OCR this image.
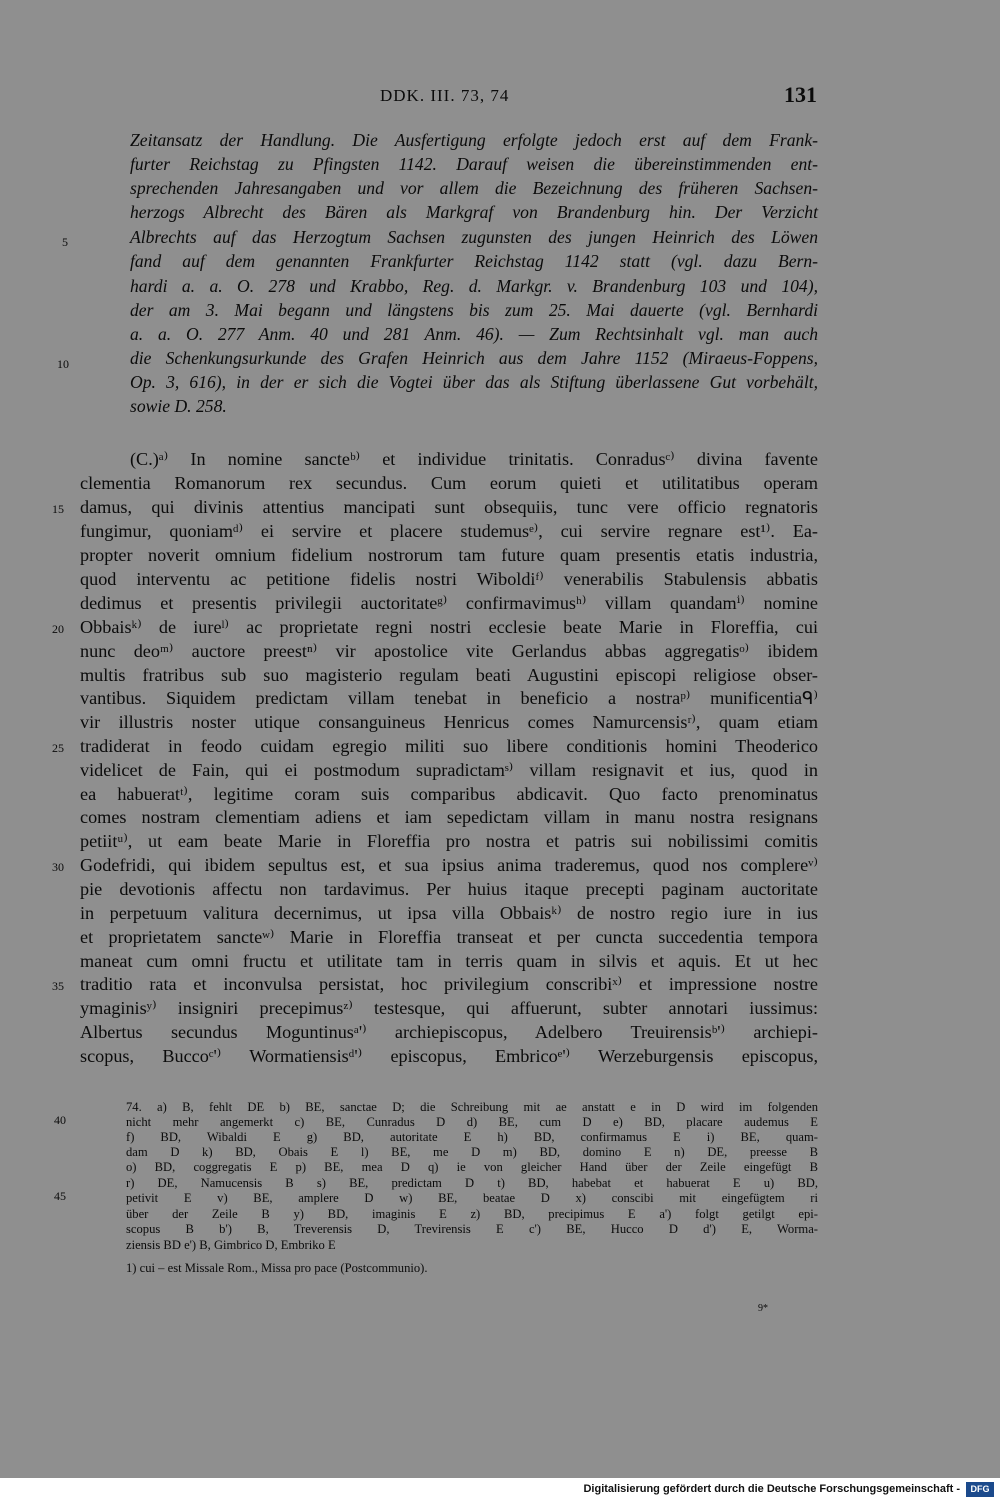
DDK. III. 73, 74	131
Zeitansatz der Handlung. Die Ausfertigung erfolgte jedoch erst auf dem Frank-
furter Reichstag zu Pfingsten 1142. Darauf weisen die übereinstimmenden ent-
sprechenden Jahresangaben und vor allem die Bezeichnung des früheren Sachsen-
herzogs Albrecht des Bären als Markgraf von Brandenburg hin. Der Verzicht
Albrechts auf das Herzogtum Sachsen zugunsten des jungen Heinrich des Löwen
fand auf dem genannten Frankfurter Reichstag 1142 statt (vgl. dazu Bern-
hardi a. a. O. 278 und Krabbo, Reg. d. Markgr. v. Brandenburg 103 und 104),
der am 3. Mai begann und längstens bis zum 25. Mai dauerte (vgl. Bernhardi
a. a. O. 277 Anm. 40 und 281 Anm. 46). — Zum Rechtsinhalt vgl. man auch
die Schenkungsurkunde des Grafen Heinrich aus dem Jahre 1152 (Miraeus-Foppens,
Op. 3, 616), in der er sich die Vogtei über das als Stiftung überlassene Gut vorbehält,
sowie D. 258.
5
10
(C.)ᵃ⁾ In nomine sancteᵇ⁾ et individue trinitatis. Conradusᶜ⁾ divina favente
clementia Romanorum rex secundus. Cum eorum quieti et utilitatibus operam
damus, qui divinis attentius mancipati sunt obsequiis, tunc vere officio regnatoris
fungimur, quoniamᵈ⁾ ei servire et placere studemusᵉ⁾, cui servire regnare est¹⁾. Ea-
propter noverit omnium fidelium nostrorum tam future quam presentis etatis industria,
quod interventu ac petitione fidelis nostri Wiboldiᶠ⁾ venerabilis Stabulensis abbatis
dedimus et presentis privilegii auctoritateᵍ⁾ confirmavimusʰ⁾ villam quandamⁱ⁾ nomine
Obbaisᵏ⁾ de iureˡ⁾ ac proprietate regni nostri ecclesie beate Marie in Floreffia, cui
nunc deoᵐ⁾ auctore preestⁿ⁾ vir apostolice vite Gerlandus abbas aggregatisᵒ⁾ ibidem
multis fratribus sub suo magisterio regulam beati Augustini episcopi religiose obser-
vantibus. Siquidem predictam villam tenebat in beneficio a nostraᵖ⁾ munificentiaᑫ⁾
vir illustris noster utique consanguineus Henricus comes Namurcensisʳ⁾, quam etiam
tradiderat in feodo cuidam egregio militi suo libere conditionis homini Theoderico
videlicet de Fain, qui ei postmodum supradictamˢ⁾ villam resignavit et ius, quod in
ea habueratᵗ⁾, legitime coram suis comparibus abdicavit. Quo facto prenominatus
comes nostram clementiam adiens et iam sepedictam villam in manu nostra resignans
petiitᵘ⁾, ut eam beate Marie in Floreffia pro nostra et patris sui nobilissimi comitis
Godefridi, qui ibidem sepultus est, et sua ipsius anima traderemus, quod nos complereᵛ⁾
pie devotionis affectu non tardavimus. Per huius itaque precepti paginam auctoritate
in perpetuum valitura decernimus, ut ipsa villa Obbaisᵏ⁾ de nostro regio iure in ius
et proprietatem sancteʷ⁾ Marie in Floreffia transeat et per cuncta succedentia tempora
maneat cum omni fructu et utilitate tam in terris quam in silvis et aquis. Et ut hec
traditio rata et inconvulsa persistat, hoc privilegium conscribiˣ⁾ et impressione nostre
ymaginisʸ⁾ insigniri precepimusᶻ⁾ testesque, qui affuerunt, subter annotari iussimus:
Albertus secundus Moguntinusᵃ'⁾ archiepiscopus, Adelbero Treuirensisᵇ'⁾ archiepi-
scopus, Buccoᶜ'⁾ Wormatiensisᵈ'⁾ episcopus, Embricoᵉ'⁾ Werzeburgensis episcopus,
15
20
25
30
35
74. a) B, fehlt DE b) BE, sanctae D; die Schreibung mit ae anstatt e in D wird im folgenden
nicht mehr angemerkt c) BE, Cunradus D d) BE, cum D e) BD, placare audemus E
f) BD, Wibaldi E g) BD, autoritate E h) BD, confirmamus E i) BE, quam-
dam D k) BD, Obais E l) BE, me D m) BD, domino E n) DE, preesse B
o) BD, coggregatis E p) BE, mea D q) ie von gleicher Hand über der Zeile eingefügt B
r) DE, Namucensis B s) BE, predictam D t) BD, habebat et habuerat E u) BD,
petivit E v) BE, amplere D w) BE, beatae D x) conscibi mit eingefügtem ri
über der Zeile B y) BD, imaginis E z) BD, precipimus E a') folgt getilgt epi-
scopus B b') B, Treverensis D, Trevirensis E c') BE, Hucco D d') E, Worma-
ziensis BD e') B, Gimbrico D, Embriko E
40
45
1) cui – est Missale Rom., Missa pro pace (Postcommunio).
9*
Digitalisierung gefördert durch die Deutsche Forschungsgemeinschaft -	DFG
